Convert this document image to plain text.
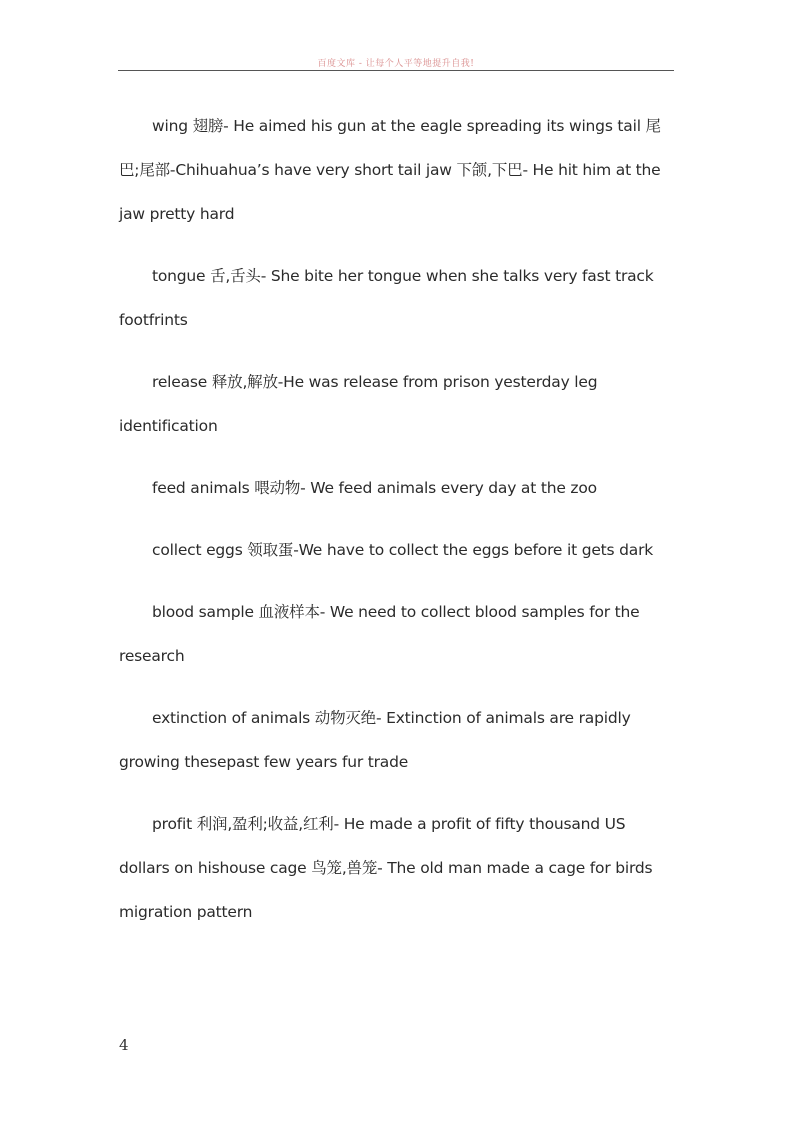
百度文库 - 让每个人平等地提升自我!

wing 翅膀- He aimed his gun at the eagle spreading its wings tail 尾巴;尾部-Chihuahua’s have very short tail jaw 下颌,下巴- He hit him at the jaw pretty hard

tongue 舌,舌头- She bite her tongue when she talks very fast track footfrints

release 释放,解放-He was release from prison yesterday leg identification

feed animals 喂动物- We feed animals every day at the zoo

collect eggs 领取蛋-We have to collect the eggs before it gets dark

blood sample 血液样本- We need to collect blood samples for the research

extinction of animals 动物灭绝- Extinction of animals are rapidly growing thesepast few years fur trade

profit 利润,盈利;收益,红利- He made a profit of fifty thousand US dollars on hishouse cage 鸟笼,兽笼- The old man made a cage for birds migration pattern

4
